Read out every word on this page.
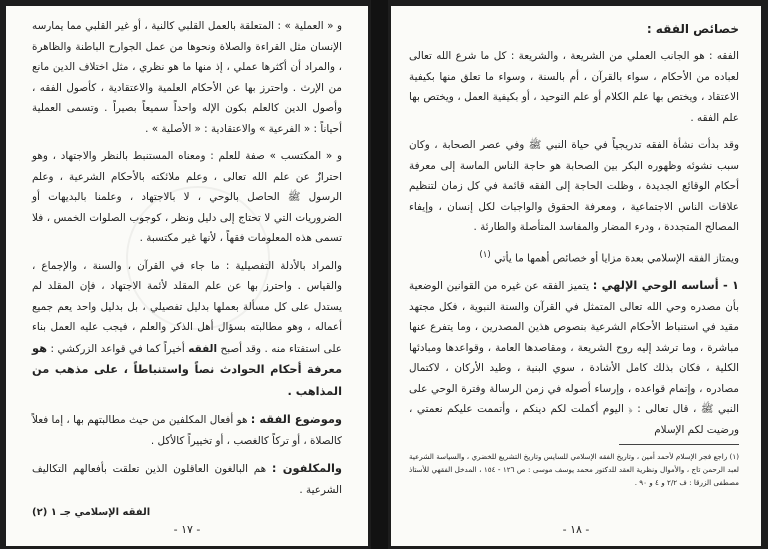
و « العملية » : المتعلقة بالعمل القلبي كالنية ، أو غير القلبي مما يمارسه الإنسان مثل القراءة والصلاة ونحوها من عمل الجوارح الباطنة والظاهرة ، والمراد أن أكثرها عملي ، إذ منها ما هو نظري ، مثل اختلاف الدين مانع من الإرث . واحترز بها عن الأحكام العلمية والاعتقادية ، كأصول الفقه ، وأصول الدين كالعلم بكون الإله واحداً سميعاً بصيراً . وتسمى العملية أحياناً : « الفرعية » والاعتقادية : « الأصلية » .

و « المكتسب » صفة للعلم : ومعناه المستنبط بالنظر والاجتهاد ، وهو احترازٌ عن علم الله تعالى ، وعلم ملائكته بالأحكام الشرعية ، وعلم الرسول ﷺ الحاصل بالوحي ، لا بالاجتهاد ، وعلمنا بالبديهات أو الضروريات التي لا تحتاج إلى دليل ونظر ، كوجوب الصلوات الخمس ، فلا تسمى هذه المعلومات فقهاً ، لأنها غير مكتسبة .

والمراد بالأدلة التفصيلية : ما جاء في القرآن ، والسنة ، والإجماع ، والقياس . واحترز بها عن علم المقلد لأئمة الاجتهاد ، فإن المقلد لم يستدل على كل مسألة بعملها بدليل تفصيلي ، بل بدليل واحد يعم جميع أعماله ، وهو مطالبته بسؤال أهل الذكر والعلم ، فيجب عليه العمل بناء على استفتاء منه . وقد أصبح الفقه أخيراً كما في قواعد الزركشي : هو معرفة أحكام الحوادث نصاً واستنباطاً ، على مذهب من المذاهب .

وموضوع الفقه : هو أفعال المكلفين من حيث مطالبتهم بها ، إما فعلاً كالصلاة ، أو تركاً كالغصب ، أو تخييراً كالأكل .

والمكلفون : هم البالغون العاقلون الذين تعلقت بأفعالهم التكاليف الشرعية .

الفقه الإسلامي جـ ١ (٢)
- ١٧ -
خصائص الفقه :

الفقه : هو الجانب العملي من الشريعة ، والشريعة : كل ما شرع الله تعالى لعباده من الأحكام ، سواء بالقرآن ، أم بالسنة ، وسواء ما تعلق منها بكيفية الاعتقاد ، ويختص بها علم الكلام أو علم التوحيد ، أو بكيفية العمل ، ويختص بها علم الفقه .

وقد بدأت نشأة الفقه تدريجياً في حياة النبي ﷺ وفي عصر الصحابة ، وكان سبب نشوئه وظهوره البكر بين الصحابة هو حاجة الناس الماسة إلى معرفة أحكام الوقائع الجديدة ، وظلت الحاجة إلى الفقه قائمة في كل زمان لتنظيم علاقات الناس الاجتماعية ، ومعرفة الحقوق والواجبات لكل إنسان ، وإيفاء المصالح المتجددة ، ودرء المضار والمفاسد المتأصلة والطارئة .

ويمتاز الفقه الإسلامي بعدة مزايا أو خصائص أهمها ما يأتي $^{(١)}$

١ - أساسه الوحي الإلهي : يتميز الفقه عن غيره من القوانين الوضعية بأن مصدره وحي الله تعالى المتمثل في القرآن والسنة النبوية ، فكل مجتهد مقيد في استنباط الأحكام الشرعية بنصوص هذين المصدرين ، وما يتفرع عنها مباشرة ، وما ترشد إليه روح الشريعة ، ومقاصدها العامة ، وقواعدها ومبادئها الكلية ، فكان بذلك كامل الأشادة ، سوي البنية ، وطيد الأركان ، لاكتمال مصادره ، وإتمام قواعده ، وإرساء أصوله في زمن الرسالة وفترة الوحي على النبي ﷺ ، قال تعالى : ﴿ اليوم أكملت لكم دينكم ، وأتممت عليكم نعمتي ، ورضيت لكم الإسلام

(١) راجع فجر الإسلام لأحمد أمين ، وتاريخ الفقه الإسلامي للسايس وتاريخ التشريع للخضري ، والسياسة الشرعية لعبد الرحمن تاج ، والأموال ونظرية العقد للدكتور محمد يوسف موسى : ص ١٢٦ - ١٥٤ ، المدخل الفقهي للأستاذ مصطفى الزرقا : ف ٢/٢ و ٤ و ٩٠ .
- ١٨ -
